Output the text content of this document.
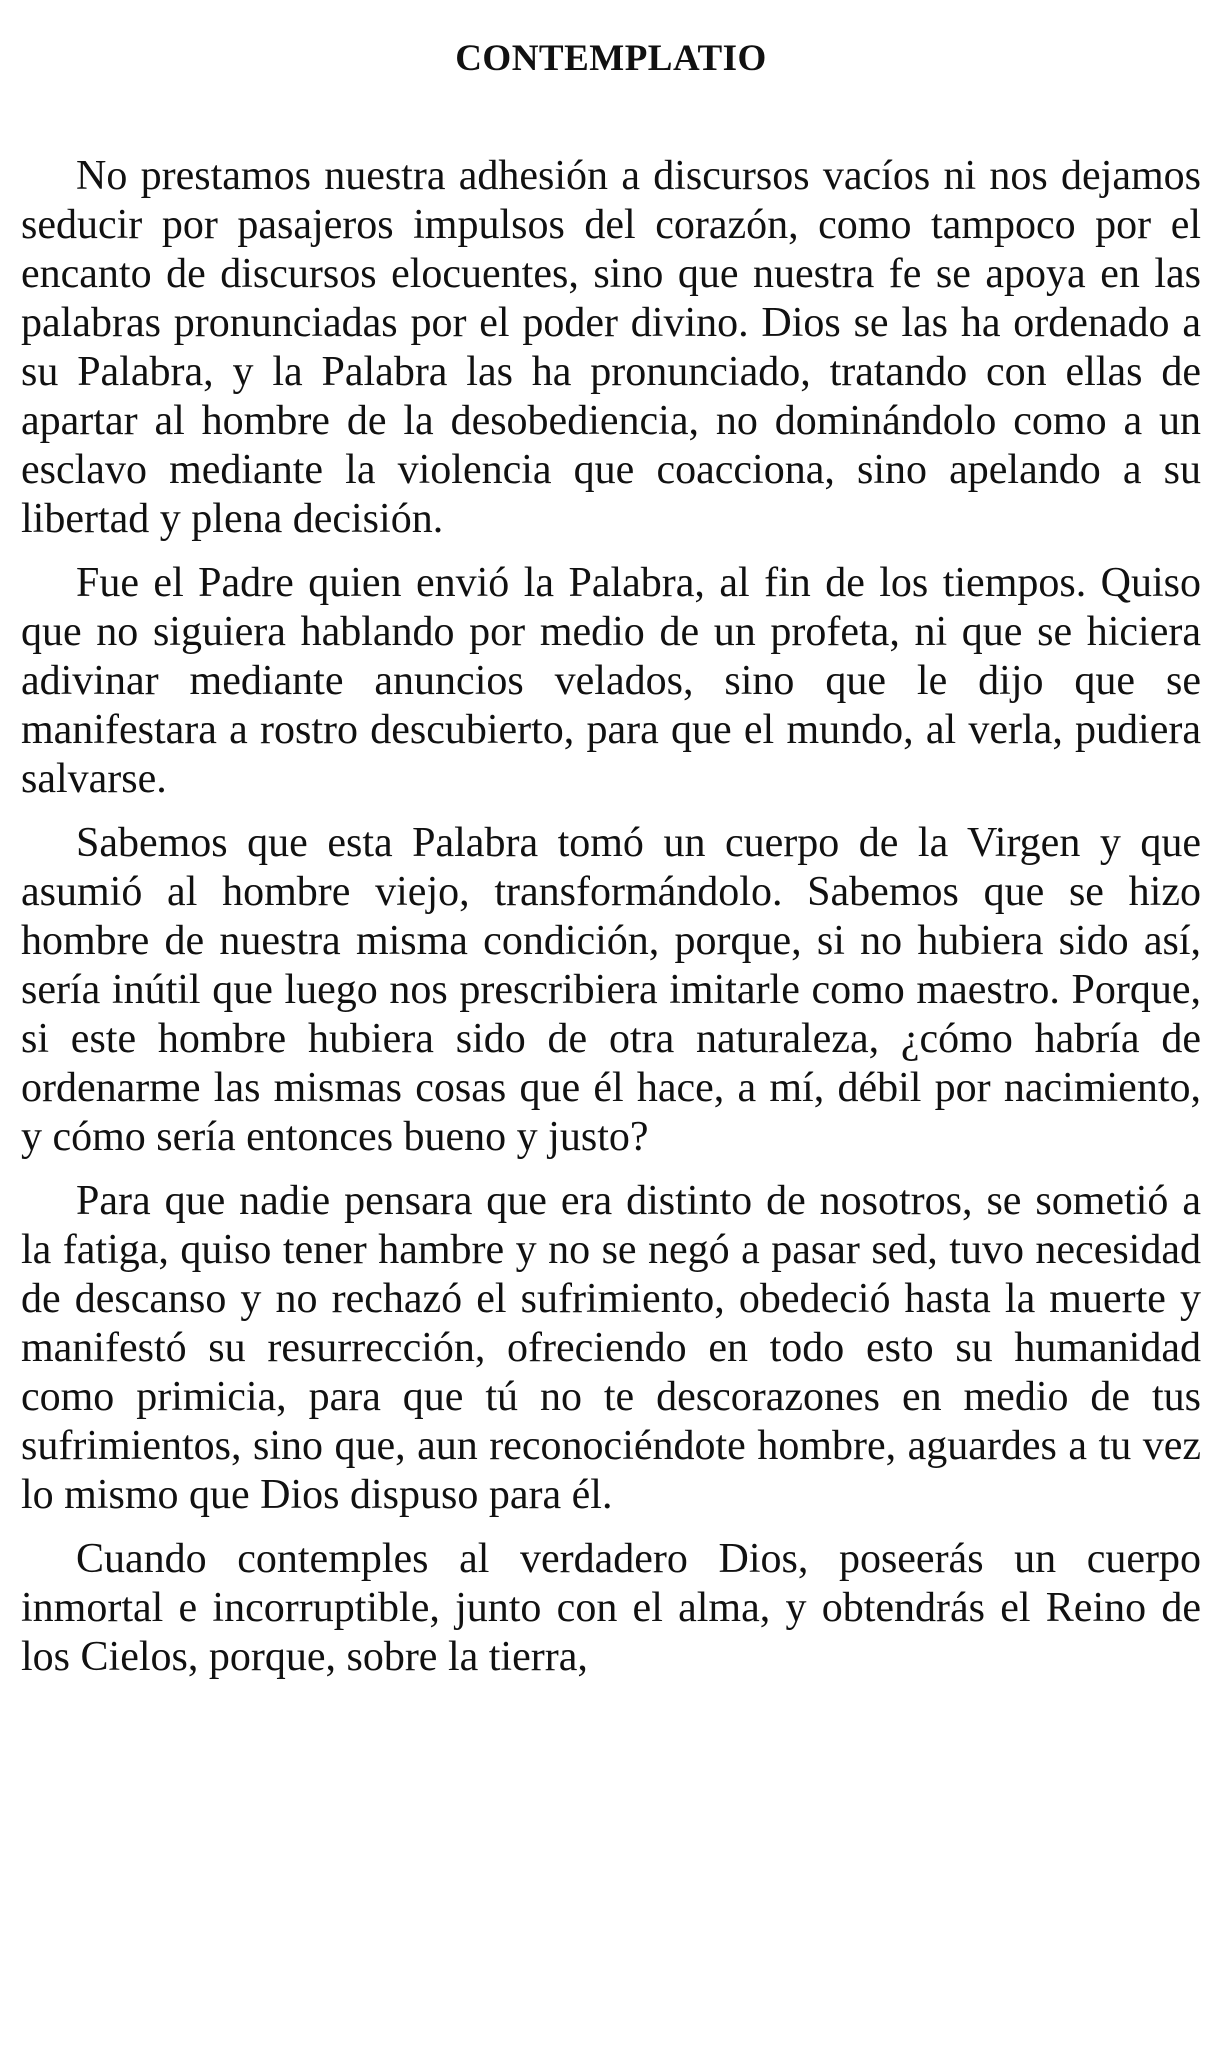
CONTEMPLATIO

No prestamos nuestra adhesión a discursos vacíos ni nos dejamos seducir por pasajeros impulsos del corazón, como tampoco por el encanto de discursos elocuentes, sino que nuestra fe se apoya en las palabras pronunciadas por el poder divino. Dios se las ha ordenado a su Palabra, y la Palabra las ha pronunciado, tratando con ellas de apartar al hombre de la desobediencia, no dominándolo como a un esclavo mediante la violencia que coacciona, sino apelando a su libertad y plena decisión.

Fue el Padre quien envió la Palabra, al fin de los tiempos. Quiso que no siguiera hablando por medio de un profeta, ni que se hiciera adivinar mediante anuncios velados, sino que le dijo que se manifestara a rostro descubierto, para que el mundo, al verla, pudiera salvarse.

Sabemos que esta Palabra tomó un cuerpo de la Virgen y que asumió al hombre viejo, transformándolo. Sabemos que se hizo hombre de nuestra misma condición, porque, si no hubiera sido así, sería inútil que luego nos prescribiera imitarle como maestro. Porque, si este hombre hubiera sido de otra naturaleza, ¿cómo habría de ordenarme las mismas cosas que él hace, a mí, débil por nacimiento, y cómo sería entonces bueno y justo?

Para que nadie pensara que era distinto de nosotros, se sometió a la fatiga, quiso tener hambre y no se negó a pasar sed, tuvo necesidad de descanso y no rechazó el sufrimiento, obedeció hasta la muerte y manifestó su resurrección, ofreciendo en todo esto su humanidad como primicia, para que tú no te descorazones en medio de tus sufrimientos, sino que, aun reconociéndote hombre, aguardes a tu vez lo mismo que Dios dispuso para él.

Cuando contemples al verdadero Dios, poseerás un cuerpo inmortal e incorruptible, junto con el alma, y obtendrás el Reino de los Cielos, porque, sobre la tierra,
